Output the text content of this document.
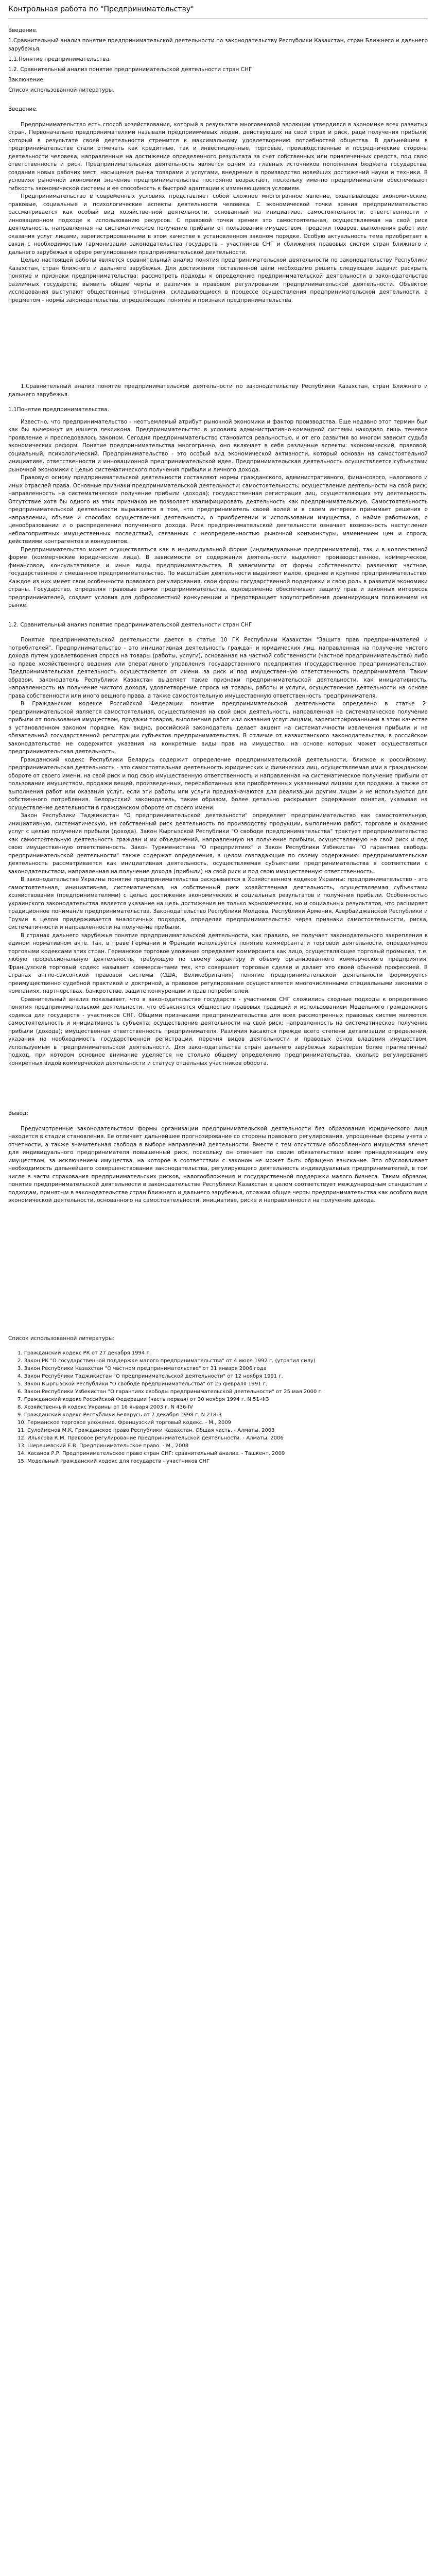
Контрольная работа по "Предпринимательству"
Введение.
1.Сравнительный анализ понятие предпринимательской деятельности по законодательству Республики Казахстан, стран Ближнего и дальнего зарубежья.
1.1.Понятие предпринимательства.
1.2. Сравнительный анализ понятие предпринимательской деятельности стран СНГ
Заключение.
Список использованной литературы.
Введение.

Предпринимательство есть способ хозяйствования, который в результате многовековой эволюции утвердился в экономике всех развитых стран. Первоначально предпринимателями называли предприимчивых людей, действующих на свой страх и риск, ради получения прибыли, который в результате своей деятельности стремится к максимальному удовлетворению потребностей общества. В дальнейшем в предпринимательстве стали отмечать как кредитные, так и инвестиционные, торговые, производственные и посреднические стороны деятельности человека, направленные на достижение определенного результата за счет собственных или привлеченных средств, под свою ответственность и риск. Предпринимательская деятельность является одним из главных источников пополнения бюджета государства, создания новых рабочих мест, насыщения рынка товарами и услугами, внедрения в производство новейших достижений науки и техники. В условиях рыночной экономики значение предпринимательства постоянно возрастает, поскольку именно предприниматели обеспечивают гибкость экономической системы и ее способность к быстрой адаптации к изменяющимся условиям.

Предпринимательство в современных условиях представляет собой сложное многогранное явление, охватывающее экономические, правовые, социальные и психологические аспекты деятельности человека. С экономической точки зрения предпринимательство рассматривается как особый вид хозяйственной деятельности, основанный на инициативе, самостоятельности, ответственности и инновационном подходе к использованию ресурсов. С правовой точки зрения это самостоятельная, осуществляемая на свой риск деятельность, направленная на систематическое получение прибыли от пользования имуществом, продажи товаров, выполнения работ или оказания услуг лицами, зарегистрированными в этом качестве в установленном законом порядке. Особую актуальность тема приобретает в связи с необходимостью гармонизации законодательства государств - участников СНГ и сближения правовых систем стран ближнего и дальнего зарубежья в сфере регулирования предпринимательской деятельности.

Целью настоящей работы является сравнительный анализ понятия предпринимательской деятельности по законодательству Республики Казахстан, стран ближнего и дальнего зарубежья. Для достижения поставленной цели необходимо решить следующие задачи: раскрыть понятие и признаки предпринимательства; рассмотреть подходы к определению предпринимательской деятельности в законодательстве различных государств; выявить общие черты и различия в правовом регулировании предпринимательской деятельности. Объектом исследования выступают общественные отношения, складывающиеся в процессе осуществления предпринимательской деятельности, а предметом - нормы законодательства, определяющие понятие и признаки предпринимательства.

1.Сравнительный анализ понятие предпринимательской деятельности по законодательству Республики Казахстан, стран Ближнего и дальнего зарубежья.
1.1Понятие предпринимательства.

Известно, что предпринимательство - неотъемлемый атрибут рыночной экономики и фактор производства. Еще недавно этот термин был как бы вычеркнут из нашего лексикона. Предпринимательство в условиях административно-командной системы находило лишь теневое проявление и преследовалось законом. Сегодня предпринимательство становится реальностью, и от его развития во многом зависит судьба экономических реформ. Понятие предпринимательства многогранно, оно включает в себя различные аспекты: экономический, правовой, социальный, психологический. Предпринимательство - это особый вид экономической активности, который основан на самостоятельной инициативе, ответственности и инновационной предпринимательской идее. Предпринимательская деятельность осуществляется субъектами рыночной экономики с целью систематического получения прибыли и личного дохода.

Правовую основу предпринимательской деятельности составляют нормы гражданского, административного, финансового, налогового и иных отраслей права. Основные признаки предпринимательской деятельности: самостоятельность; осуществление деятельности на свой риск; направленность на систематическое получение прибыли (дохода); государственная регистрация лиц, осуществляющих эту деятельность. Отсутствие хотя бы одного из этих признаков не позволяет квалифицировать деятельность как предпринимательскую. Самостоятельность предпринимательской деятельности выражается в том, что предприниматель своей волей и в своем интересе принимает решения о направлении, объеме и способах осуществления деятельности, о приобретении и использовании имущества, о найме работников, о ценообразовании и о распределении полученного дохода. Риск предпринимательской деятельности означает возможность наступления неблагоприятных имущественных последствий, связанных с неопределенностью рыночной конъюнктуры, изменением цен и спроса, действиями контрагентов и конкурентов.

Предпринимательство может осуществляться как в индивидуальной форме (индивидуальные предприниматели), так и в коллективной форме (коммерческие юридические лица). В зависимости от содержания деятельности выделяют производственное, коммерческое, финансовое, консультативное и иные виды предпринимательства. В зависимости от формы собственности различают частное, государственное и смешанное предпринимательство. По масштабам деятельности выделяют малое, среднее и крупное предпринимательство. Каждое из них имеет свои особенности правового регулирования, свои формы государственной поддержки и свою роль в развитии экономики страны. Государство, определяя правовые рамки предпринимательства, одновременно обеспечивает защиту прав и законных интересов предпринимателей, создает условия для добросовестной конкуренции и предотвращает злоупотребления доминирующим положением на рынке.

1.2. Сравнительный анализ понятие предпринимательской деятельности стран СНГ

Понятие предпринимательской деятельности дается в статье 10 ГК Республики Казахстан "Защита прав предпринимателей и потребителей". Предпринимательство - это инициативная деятельность граждан и юридических лиц, направленная на получение чистого дохода путем удовлетворения спроса на товары (работы, услуги), основанная на частной собственности (частное предпринимательство) либо на праве хозяйственного ведения или оперативного управления государственного предприятия (государственное предпринимательство). Предпринимательская деятельность осуществляется от имени, за риск и под имущественную ответственность предпринимателя. Таким образом, законодатель Республики Казахстан выделяет такие признаки предпринимательской деятельности, как инициативность, направленность на получение чистого дохода, удовлетворение спроса на товары, работы и услуги, осуществление деятельности на основе права собственности или иного вещного права, а также самостоятельную имущественную ответственность предпринимателя.

В Гражданском кодексе Российской Федерации понятие предпринимательской деятельности определено в статье 2: предпринимательской является самостоятельная, осуществляемая на свой риск деятельность, направленная на систематическое получение прибыли от пользования имуществом, продажи товаров, выполнения работ или оказания услуг лицами, зарегистрированными в этом качестве в установленном законом порядке. Как видно, российский законодатель делает акцент на систематичности извлечения прибыли и на обязательной государственной регистрации субъектов предпринимательства. В отличие от казахстанского законодательства, в российском законодательстве не содержится указания на конкретные виды прав на имущество, на основе которых может осуществляться предпринимательская деятельность.

Гражданский кодекс Республики Беларусь содержит определение предпринимательской деятельности, близкое к российскому: предпринимательская деятельность - это самостоятельная деятельность юридических и физических лиц, осуществляемая ими в гражданском обороте от своего имени, на свой риск и под свою имущественную ответственность и направленная на систематическое получение прибыли от пользования имуществом, продажи вещей, произведенных, переработанных или приобретенных указанными лицами для продажи, а также от выполнения работ или оказания услуг, если эти работы или услуги предназначаются для реализации другим лицам и не используются для собственного потребления. Белорусский законодатель, таким образом, более детально раскрывает содержание понятия, указывая на осуществление деятельности в гражданском обороте от своего имени.

Закон Республики Таджикистан "О предпринимательской деятельности" определяет предпринимательство как самостоятельную, инициативную, систематическую, на собственный риск деятельность по производству продукции, выполнению работ, торговле и оказанию услуг с целью получения прибыли (дохода). Закон Кыргызской Республики "О свободе предпринимательства" трактует предпринимательство как самостоятельную деятельность граждан и их объединений, направленную на получение прибыли, осуществляемую на свой риск и под свою имущественную ответственность. Закон Туркменистана "О предприятиях" и Закон Республики Узбекистан "О гарантиях свободы предпринимательской деятельности" также содержат определения, в целом совпадающие по своему содержанию: предпринимательская деятельность рассматривается как инициативная деятельность, осуществляемая субъектами предпринимательства в соответствии с законодательством, направленная на получение дохода (прибыли) на свой риск и под свою имущественную ответственность.

В законодательстве Украины понятие предпринимательства раскрывается в Хозяйственном кодексе Украины: предпринимательство - это самостоятельная, инициативная, систематическая, на собственный риск хозяйственная деятельность, осуществляемая субъектами хозяйствования (предпринимателями) с целью достижения экономических и социальных результатов и получения прибыли. Особенностью украинского законодательства является указание на цель достижения не только экономических, но и социальных результатов, что расширяет традиционное понимание предпринимательства. Законодательство Республики Молдова, Республики Армения, Азербайджанской Республики и Грузии в целом придерживается аналогичных подходов, определяя предпринимательство через признаки самостоятельности, риска, систематичности и направленности на получение прибыли.

В странах дальнего зарубежья понятие предпринимательской деятельности, как правило, не получает законодательного закрепления в едином нормативном акте. Так, в праве Германии и Франции используется понятие коммерсанта и торговой деятельности, определяемое торговыми кодексами этих стран. Германское торговое уложение определяет коммерсанта как лицо, осуществляющее торговый промысел, т.е. любую профессиональную деятельность, требующую по своему характеру и объему организованного коммерческого предприятия. Французский торговый кодекс называет коммерсантами тех, кто совершает торговые сделки и делает это своей обычной профессией. В странах англо-саксонской правовой системы (США, Великобритания) понятие предпринимательской деятельности формируется преимущественно судебной практикой и доктриной, а правовое регулирование осуществляется многочисленными специальными законами о компаниях, партнерствах, банкротстве, защите конкуренции и прав потребителей.

Сравнительный анализ показывает, что в законодательстве государств - участников СНГ сложились сходные подходы к определению понятия предпринимательской деятельности, что объясняется общностью правовых традиций и использованием Модельного гражданского кодекса для государств - участников СНГ. Общими признаками предпринимательства для всех рассмотренных правовых систем являются: самостоятельность и инициативность субъекта; осуществление деятельности на свой риск; направленность на систематическое получение прибыли (дохода); имущественная ответственность предпринимателя. Различия касаются прежде всего степени детализации определений, указания на необходимость государственной регистрации, перечня видов деятельности и правовых основ владения имуществом, используемым в предпринимательской деятельности. Для законодательства стран дальнего зарубежья характерен более прагматичный подход, при котором основное внимание уделяется не столько общему определению предпринимательства, сколько регулированию конкретных видов коммерческой деятельности и статусу отдельных участников оборота.

Вывод:

Предусмотренные законодательством формы организации предпринимательской деятельности без образования юридического лица находятся в стадии становления. Ее отличает дальнейшее прогнозирование со стороны правового регулирования, упрощенные формы учета и отчетности, а также значительная свобода в выборе направлений деятельности. Вместе с тем отсутствие обособленного имущества влечет для индивидуального предпринимателя повышенный риск, поскольку он отвечает по своим обязательствам всем принадлежащим ему имуществом, за исключением имущества, на которое в соответствии с законом не может быть обращено взыскание. Это обусловливает необходимость дальнейшего совершенствования законодательства, регулирующего деятельность индивидуальных предпринимателей, в том числе в части страхования предпринимательских рисков, налогообложения и государственной поддержки малого бизнеса. Таким образом, понятие предпринимательской деятельности в законодательстве Республики Казахстан в целом соответствует международным стандартам и подходам, принятым в законодательстве стран ближнего и дальнего зарубежья, отражая общие черты предпринимательства как особого вида экономической деятельности, основанного на самостоятельности, инициативе, риске и направленности на получение дохода.

Список использованной литературы:
1. Гражданский кодекс РК от 27 декабря 1994 г.
2. Закон РК "О государственной поддержке малого предпринимательства" от 4 июля 1992 г. (утратил силу)
3. Закон Республики Казахстан "О частном предпринимательстве" от 31 января 2006 года
4. Закон Республики Таджикистан "О предпринимательской деятельности" от 12 ноября 1991 г.
5. Закон Кыргызской Республики "О свободе предпринимательства" от 25 февраля 1991 г.
6. Закон Республики Узбекистан "О гарантиях свободы предпринимательской деятельности" от 25 мая 2000 г.
7. Гражданский кодекс Российской Федерации (часть первая) от 30 ноября 1994 г. N 51-ФЗ
8. Хозяйственный кодекс Украины от 16 января 2003 г. N 436-IV
9. Гражданский кодекс Республики Беларусь от 7 декабря 1998 г. N 218-З
10. Германское торговое уложение. Французский торговый кодекс. - М., 2009
11. Сулейменов М.К. Гражданское право Республики Казахстан. Общая часть. - Алматы, 2003
12. Ильясова К.М. Правовое регулирование предпринимательской деятельности. - Алматы, 2006
13. Шерешевский Е.В. Предпринимательское право. - М., 2008
14. Хасанов Р.Р. Предпринимательское право стран СНГ: сравнительный анализ. - Ташкент, 2009
15. Модельный гражданский кодекс для государств - участников СНГ
